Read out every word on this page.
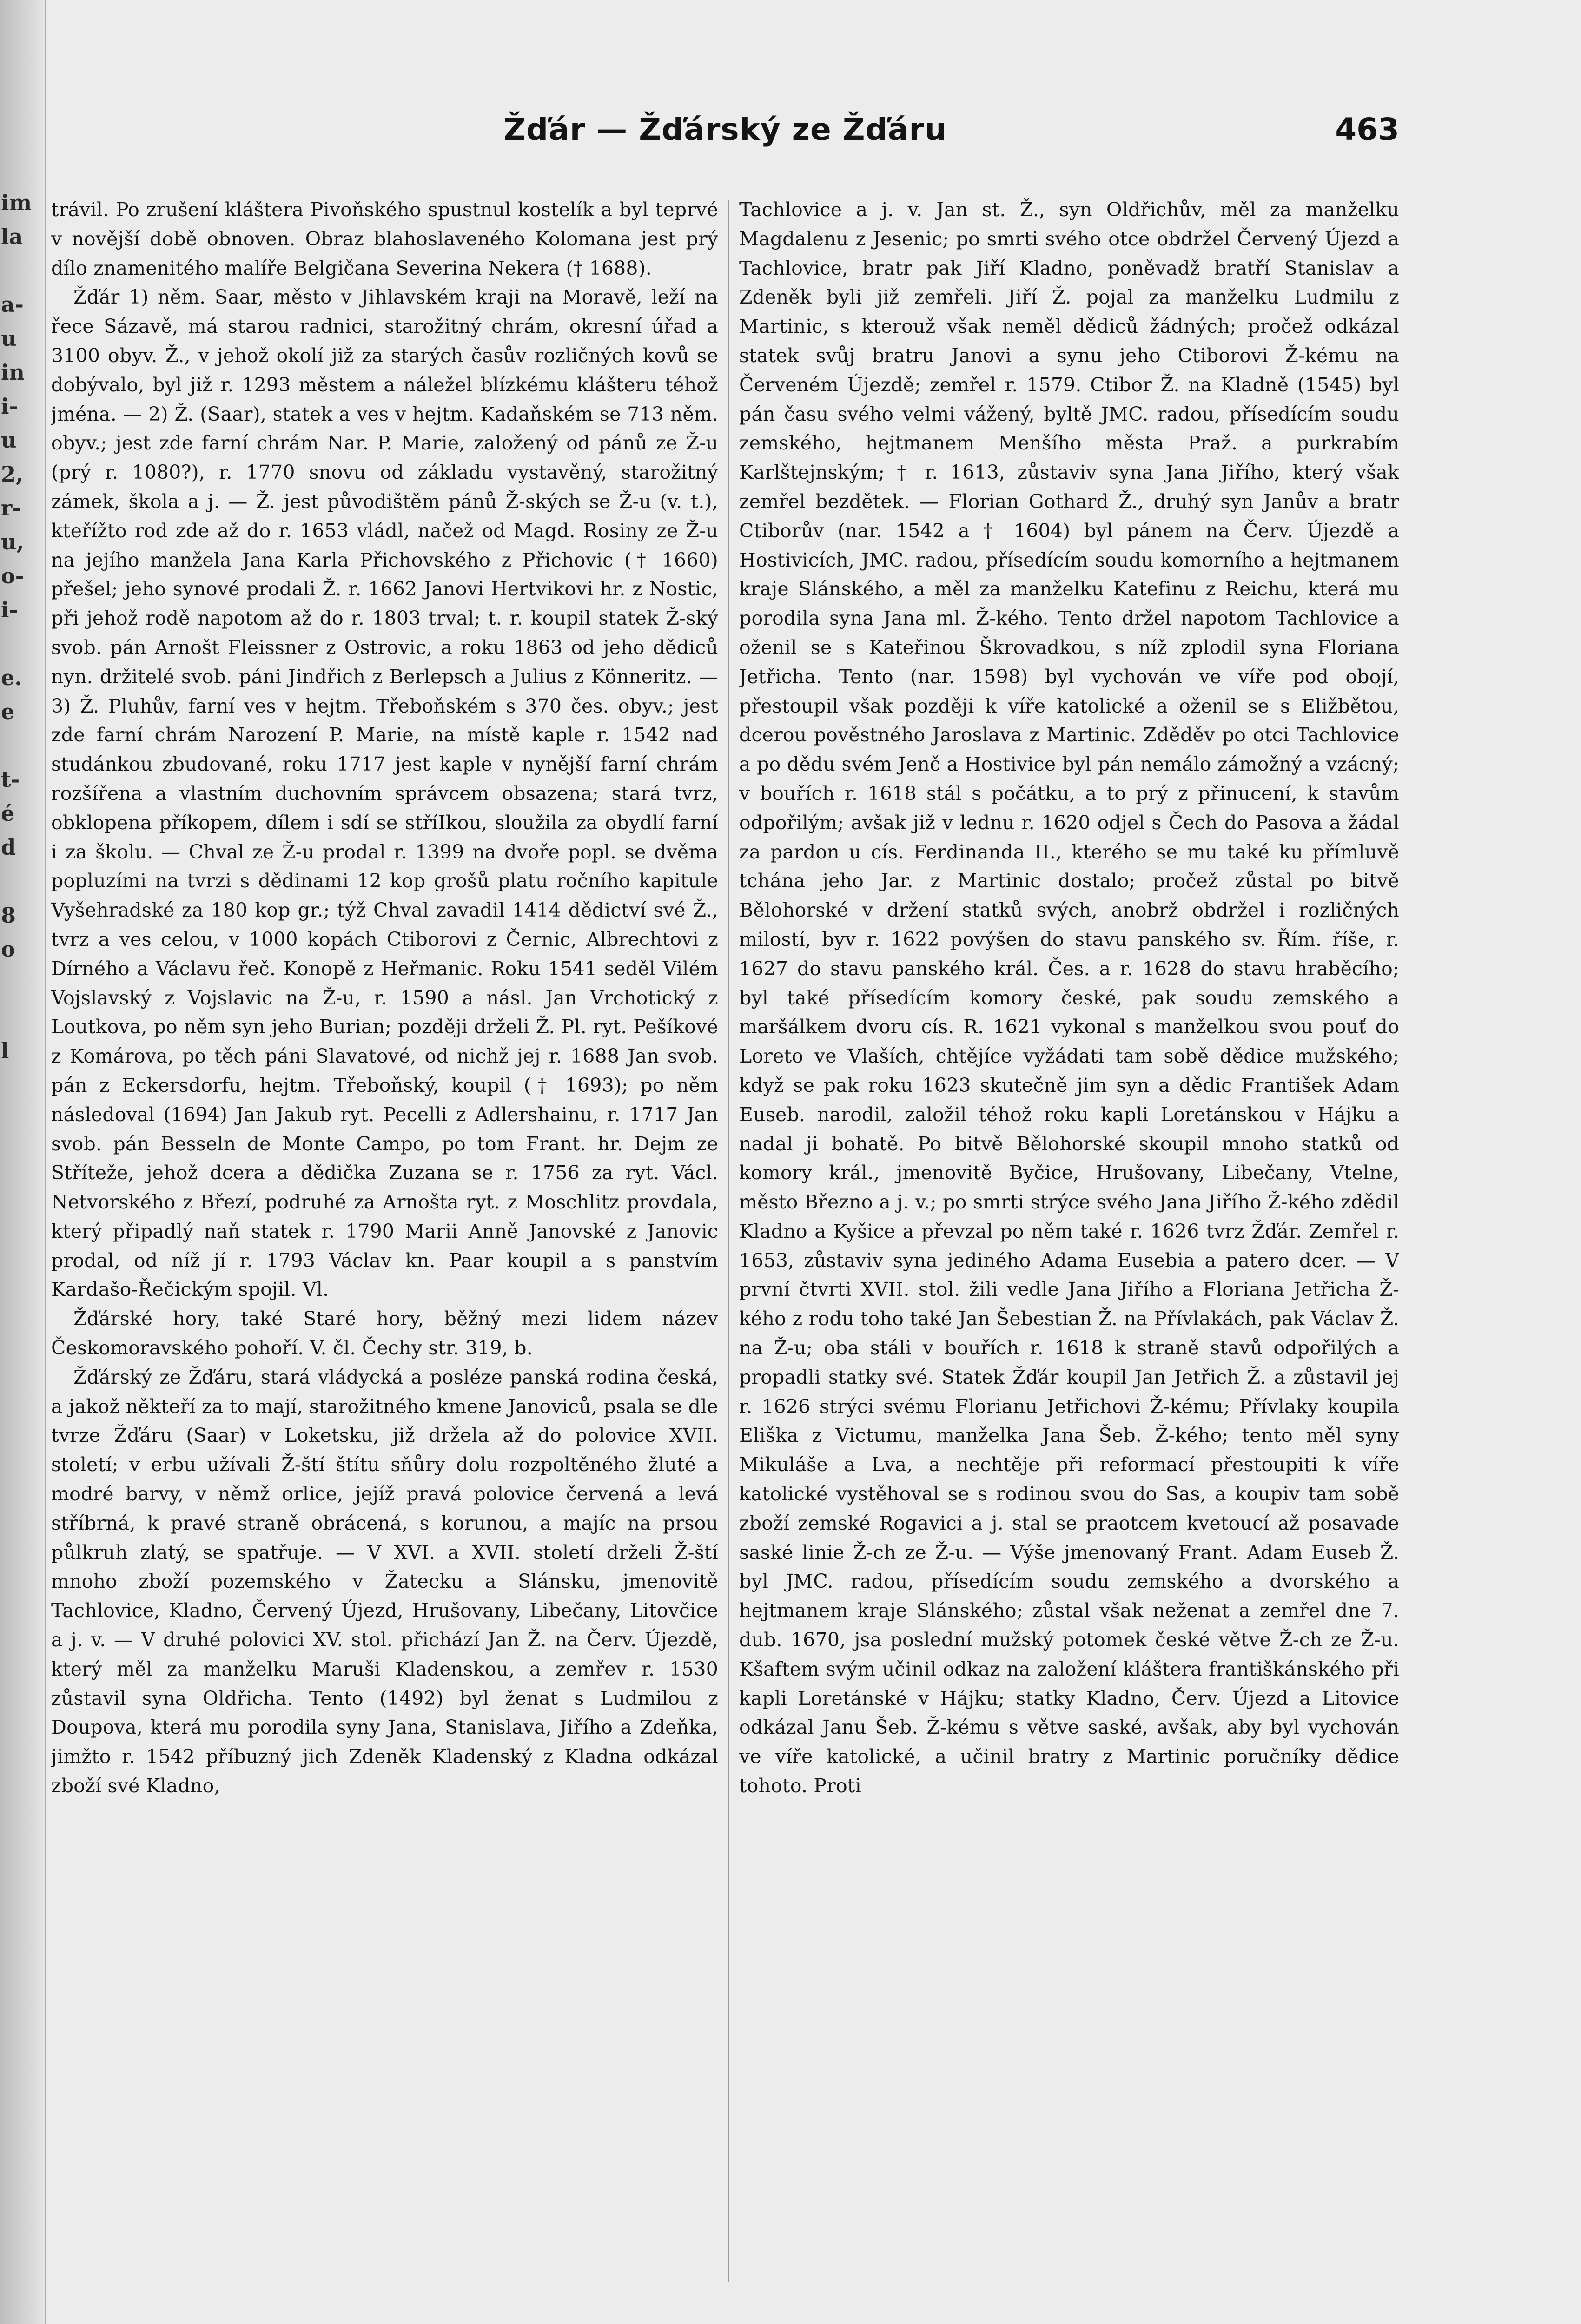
im
la
a-
u
in
i-
u
2,
r-
u,
o-
i-
e.
e
t-
é
d
8
o
l
Žďár — Žďárský ze Žďáru	463

trávil. Po zrušení kláštera Pivoňského spustnul kostelík a byl teprvé v novější době obnoven. Obraz blahoslaveného Kolomana jest prý dílo znamenitého malíře Belgičana Severina Nekera († 1688).

Žďár 1) něm. Saar, město v Jihlavském kraji na Moravě, leží na řece Sázavě, má starou radnici, starožitný chrám, okresní úřad a 3100 obyv. Ž., v jehož okolí již za starých časův rozličných kovů se dobývalo, byl již r. 1293 městem a náležel blízkému klášteru téhož jména. — 2) Ž. (Saar), statek a ves v hejtm. Kadaňském se 713 něm. obyv.; jest zde farní chrám Nar. P. Marie, založený od pánů ze Ž-u (prý r. 1080?), r. 1770 snovu od základu vystavěný, starožitný zámek, škola a j. — Ž. jest původištěm pánů Ž-ských se Ž-u (v. t.), kteřížto rod zde až do r. 1653 vládl, načež od Magd. Rosiny ze Ž-u na jejího manžela Jana Karla Přichovského z Přichovic († 1660) přešel; jeho synové prodali Ž. r. 1662 Janovi Hertvikovi hr. z Nostic, při jehož rodě napotom až do r. 1803 trval; t. r. koupil statek Ž-ský svob. pán Arnošt Fleissner z Ostrovic, a roku 1863 od jeho dědiců nyn. držitelé svob. páni Jindřich z Berlepsch a Julius z Könneritz. — 3) Ž. Pluhův, farní ves v hejtm. Třeboňském s 370 čes. obyv.; jest zde farní chrám Narození P. Marie, na místě kaple r. 1542 nad studánkou zbudované, roku 1717 jest kaple v nynější farní chrám rozšířena a vlastním duchovním správcem obsazena; stará tvrz, obklopena příkopem, dílem i sdí se stříIkou, sloužila za obydlí farní i za školu. — Chval ze Ž-u prodal r. 1399 na dvoře popl. se dvěma popluzími na tvrzi s dědinami 12 kop grošů platu ročního kapitule Vyšehradské za 180 kop gr.; týž Chval zavadil 1414 dědictví své Ž., tvrz a ves celou, v 1000 kopách Ctiborovi z Černic, Albrechtovi z Dírného a Václavu řeč. Konopě z Heřmanic. Roku 1541 seděl Vilém Vojslavský z Vojslavic na Ž-u, r. 1590 a násl. Jan Vrchotický z Loutkova, po něm syn jeho Burian; později drželi Ž. Pl. ryt. Pešíkové z Komárova, po těch páni Slavatové, od nichž jej r. 1688 Jan svob. pán z Eckersdorfu, hejtm. Třeboňský, koupil († 1693); po něm následoval (1694) Jan Jakub ryt. Pecelli z Adlershainu, r. 1717 Jan svob. pán Besseln de Monte Campo, po tom Frant. hr. Dejm ze Stříteže, jehož dcera a dědička Zuzana se r. 1756 za ryt. Václ. Netvorského z Březí, podruhé za Arnošta ryt. z Moschlitz provdala, který připadlý naň statek r. 1790 Marii Anně Janovské z Janovic prodal, od níž jí r. 1793 Václav kn. Paar koupil a s panstvím Kardašo-Řečickým spojil. Vl.

Žďárské hory, také Staré hory, běžný mezi lidem název Českomoravského pohoří. V. čl. Čechy str. 319, b.

Žďárský ze Žďáru, stará vládycká a posléze panská rodina česká, a jakož někteří za to mají, starožitného kmene Janoviců, psala se dle tvrze Žďáru (Saar) v Loketsku, již držela až do polovice XVII. století; v erbu užívali Ž-ští štítu sňůry dolu rozpoltěného žluté a modré barvy, v němž orlice, jejíž pravá polovice červená a levá stříbrná, k pravé straně obrácená, s korunou, a majíc na prsou půlkruh zlatý, se spatřuje. — V XVI. a XVII. století drželi Ž-ští mnoho zboží pozemského v Žatecku a Slánsku, jmenovitě Tachlovice, Kladno, Červený Újezd, Hrušovany, Libečany, Litovčice a j. v. — V druhé polovici XV. stol. přichází Jan Ž. na Červ. Újezdě, který měl za manželku Maruši Kladenskou, a zemřev r. 1530 zůstavil syna Oldřicha. Tento (1492) byl ženat s Ludmilou z Doupova, která mu porodila syny Jana, Stanislava, Jiřího a Zdeňka, jimžto r. 1542 příbuzný jich Zdeněk Kladenský z Kladna odkázal zboží své Kladno,

Tachlovice a j. v. Jan st. Ž., syn Oldřichův, měl za manželku Magdalenu z Jesenic; po smrti svého otce obdržel Červený Újezd a Tachlovice, bratr pak Jiří Kladno, poněvadž bratří Stanislav a Zdeněk byli již zemřeli. Jiří Ž. pojal za manželku Ludmilu z Martinic, s kterouž však neměl dědiců žádných; pročež odkázal statek svůj bratru Janovi a synu jeho Ctiborovi Ž-kému na Červeném Újezdě; zemřel r. 1579. Ctibor Ž. na Kladně (1545) byl pán času svého velmi vážený, byltě JMC. radou, přísedícím soudu zemského, hejtmanem Menšího města Praž. a purkrabím Karlštejnským; † r. 1613, zůstaviv syna Jana Jiřího, který však zemřel bezdětek. — Florian Gothard Ž., druhý syn Janův a bratr Ctiborův (nar. 1542 a † 1604) byl pánem na Červ. Újezdě a Hostivicích, JMC. radou, přísedícím soudu komorního a hejtmanem kraje Slánského, a měl za manželku Katefinu z Reichu, která mu porodila syna Jana ml. Ž-kého. Tento držel napotom Tachlovice a oženil se s Kateřinou Škrovadkou, s níž zplodil syna Floriana Jetřicha. Tento (nar. 1598) byl vychován ve víře pod obojí, přestoupil však později k víře katolické a oženil se s Eližbětou, dcerou pověstného Jaroslava z Martinic. Zděděv po otci Tachlovice a po dědu svém Jenč a Hostivice byl pán nemálo zámožný a vzácný; v bouřích r. 1618 stál s počátku, a to prý z přinucení, k stavům odpořilým; avšak již v lednu r. 1620 odjel s Čech do Pasova a žádal za pardon u cís. Ferdinanda II., kterého se mu také ku přímluvě tchána jeho Jar. z Martinic dostalo; pročež zůstal po bitvě Bělohorské v držení statků svých, anobrž obdržel i rozličných milostí, byv r. 1622 povýšen do stavu panského sv. Řím. říše, r. 1627 do stavu panského král. Čes. a r. 1628 do stavu hraběcího; byl také přísedícím komory české, pak soudu zemského a maršálkem dvoru cís. R. 1621 vykonal s manželkou svou pouť do Loreto ve Vlaších, chtějíce vyžádati tam sobě dědice mužského; když se pak roku 1623 skutečně jim syn a dědic František Adam Euseb. narodil, založil téhož roku kapli Loretánskou v Hájku a nadal ji bohatě. Po bitvě Bělohorské skoupil mnoho statků od komory král., jmenovitě Byčice, Hrušovany, Libečany, Vtelne, město Březno a j. v.; po smrti strýce svého Jana Jiřího Ž-kého zdědil Kladno a Kyšice a převzal po něm také r. 1626 tvrz Žďár. Zemřel r. 1653, zůstaviv syna jediného Adama Eusebia a patero dcer. — V první čtvrti XVII. stol. žili vedle Jana Jiřího a Floriana Jetřicha Ž-kého z rodu toho také Jan Šebestian Ž. na Přívlakách, pak Václav Ž. na Ž-u; oba stáli v bouřích r. 1618 k straně stavů odpořilých a propadli statky své. Statek Žďár koupil Jan Jetřich Ž. a zůstavil jej r. 1626 strýci svému Florianu Jetřichovi Ž-kému; Přívlaky koupila Eliška z Victumu, manželka Jana Šeb. Ž-kého; tento měl syny Mikuláše a Lva, a nechtěje při reformací přestoupiti k víře katolické vystěhoval se s rodinou svou do Sas, a koupiv tam sobě zboží zemské Rogavici a j. stal se praotcem kvetoucí až posavade saské linie Ž-ch ze Ž-u. — Výše jmenovaný Frant. Adam Euseb Ž. byl JMC. radou, přísedícím soudu zemského a dvorského a hejtmanem kraje Slánského; zůstal však neženat a zemřel dne 7. dub. 1670, jsa poslední mužský potomek české větve Ž-ch ze Ž-u. Kšaftem svým učinil odkaz na založení kláštera františkánského při kapli Loretánské v Hájku; statky Kladno, Červ. Újezd a Litovice odkázal Janu Šeb. Ž-kému s větve saské, avšak, aby byl vychován ve víře katolické, a učinil bratry z Martinic poručníky dědice tohoto. Proti
